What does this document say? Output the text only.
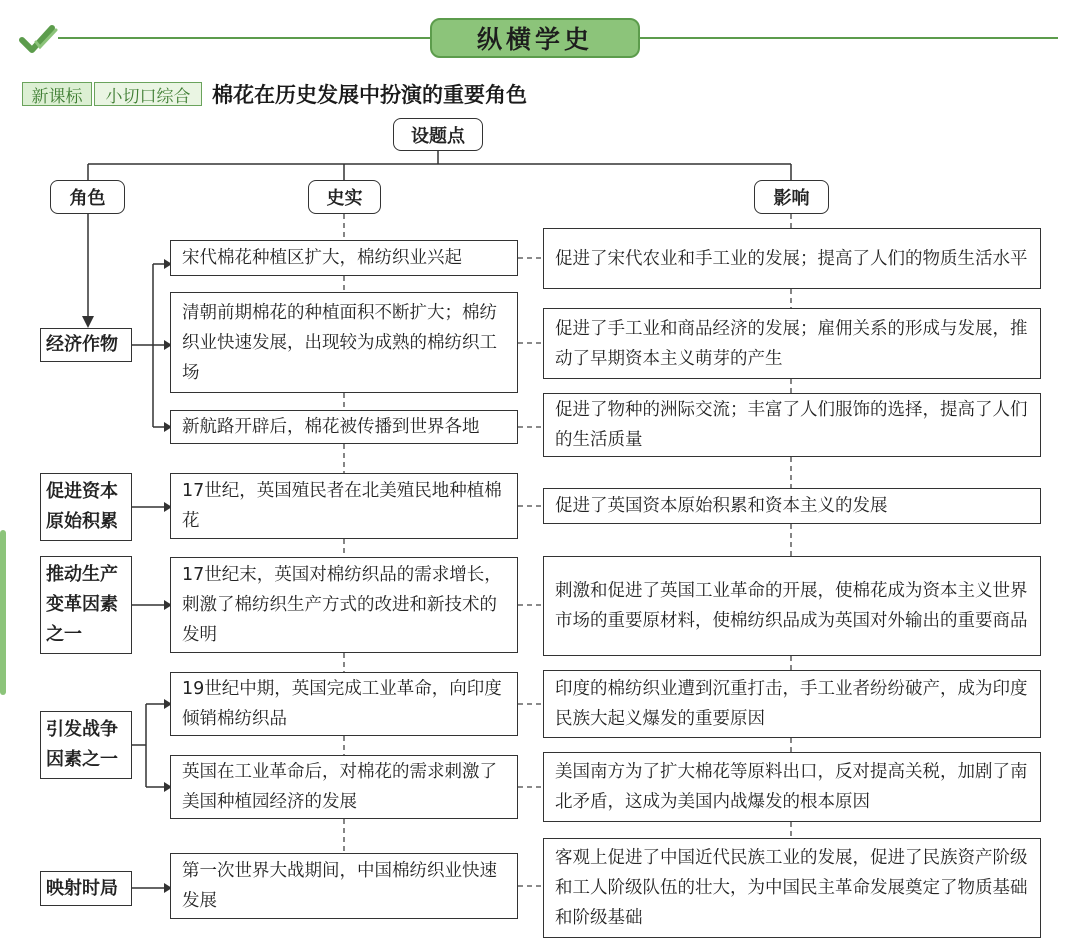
纵横学史
新课标 小切口综合 棉花在历史发展中扮演的重要角色
设题点
角色	史实	影响
经济作物
促进资本原始积累
推动生产变革因素之一
引发战争因素之一
映射时局
宋代棉花种植区扩大，棉纺织业兴起
清朝前期棉花的种植面积不断扩大；棉纺织业快速发展，出现较为成熟的棉纺织工场
新航路开辟后，棉花被传播到世界各地
17世纪，英国殖民者在北美殖民地种植棉花
17世纪末，英国对棉纺织品的需求增长，刺激了棉纺织生产方式的改进和新技术的发明
19世纪中期，英国完成工业革命，向印度倾销棉纺织品
英国在工业革命后，对棉花的需求刺激了美国种植园经济的发展
第一次世界大战期间，中国棉纺织业快速发展
促进了宋代农业和手工业的发展；提高了人们的物质生活水平
促进了手工业和商品经济的发展；雇佣关系的形成与发展，推动了早期资本主义萌芽的产生
促进了物种的洲际交流；丰富了人们服饰的选择，提高了人们的生活质量
促进了英国资本原始积累和资本主义的发展
刺激和促进了英国工业革命的开展，使棉花成为资本主义世界市场的重要原材料，使棉纺织品成为英国对外输出的重要商品
印度的棉纺织业遭到沉重打击，手工业者纷纷破产，成为印度民族大起义爆发的重要原因
美国南方为了扩大棉花等原料出口，反对提高关税，加剧了南北矛盾，这成为美国内战爆发的根本原因
客观上促进了中国近代民族工业的发展，促进了民族资产阶级和工人阶级队伍的壮大，为中国民主革命发展奠定了物质基础和阶级基础
